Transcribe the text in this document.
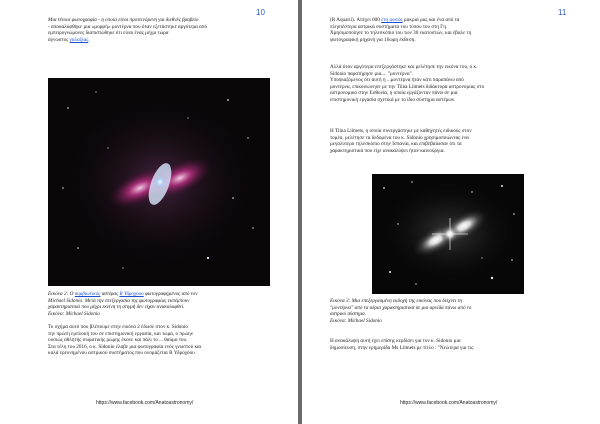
10
Μια τέτοια φωτογραφία - η οποία είναι προτεινόμενη για διεθνές βραβείο
- αποκαλύφθηκε μια «μορφή» μοντέρνα που όταν εξετάστηκε αργότερα από
εμπειρογνώμονες διαπιστώθηκε ότι είναι ένας μέχρι τώρα
άγνωστος γαλαξίας.
Εικόνα 2: Ο συμβιωτικός αστέρας R Υδροχόου φωτογραφημένος από τον
Michael Sidonio. Μετά την επεξεργασία της φωτογραφίας εκπέμπουν
χαρακτηριστικά που μέχρι εκείνη τη στιγμή δεν είχαν ανακαλυφθεί.
Εικόνα: Michael Sidonio
Το σχήμα αυτό που βλέπουμε στην εικόνα 2 έδωσε στον κ. Sidonio
την πρώτη εμπλοκή του σε επιστημονική εργασία, και τώρα, ο πρώην
ουσιώς αθλητής σωματικής ρώμης έκανε και πάλι το ... θαύμα του.
Στα τέλη του 2016, ο κ. Sidonio έλαβε μια φωτογραφία ενός γνωστού και
καλά ερευνημένου αστρικού συστήματος που ονομάζεται R Υδροχόου
https://www.facebook.com/Anatoastronomy/
11
(R Aquarii). Απέχει 600 έτη φωτός μακριά μας και ένα από τα
πλησιέστερα αστρικά συστήματα του τύπου του στη Γη.
Χρησιμοποίησε το τηλεσκόπιο του των 30 εκατοστών, και έβαλε τη
φωτογραφική μηχανή για 16ωρη έκθεση.
Αλλά όταν αργότερα επεξεργάστηκε και μελέτησε την εικόνα του, ο κ.
Sidonio παρατήρησε μια.... "μοντέρνα".
Υποψιαζόμενος ότι αυτή η ...μοντέρνα ήταν κάτι παραπάνω από
μοντέρνα, επικοινώνησε με την Tiina Liimets διδάκτορα αστρονομίας στο
αστρονομικό στην Εσθονία, η οποία εργάζονταν πάνω σε μια
επιστημονική εργασία σχετικά με το ίδιο σύστημα αστέρων.
Η Tiina Liimets, η οποία συνεργάστηκε με καθηγητές ειδικούς στον
τομέα, μελέτησε τα δεδομένα του κ. Sidonio χρησιμοποιώντας ένα
μεγαλύτερο τηλεσκόπιο στην Ισπανία, και επιβεβαίωσαν ότι τα
χαρακτηριστικά που είχε ανακαλύψει ήταν καινούργια.
Εικόνα 3: Μια επεξεργασμένη εκδοχή της εικόνας που δείχνει τη
"μοντέρνα" από τα αέρια χαρακτηριστικά σε μια αρνίδα πάνω από το
αστρικό σύστημα.
Εικόνα: Michael Sidonio
Η ανακάλυψη αυτή έχει επίσης κερδίσει για τον κ. Sidonio μια
δημοσίευση, στην ερημερίδα Ms Liimets με τίτλο : "Νεώτερα για τις
https://www.facebook.com/Anatoastronomy/
